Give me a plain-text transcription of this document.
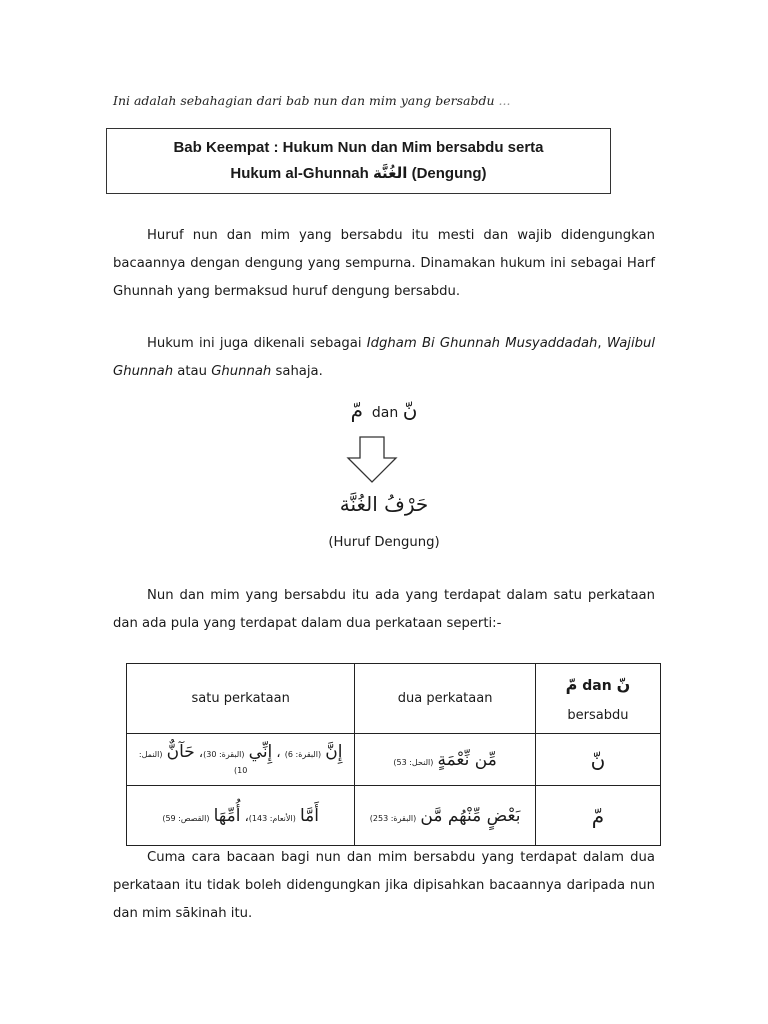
Ini adalah sebahagian dari bab nun dan mim yang bersabdu ...
Bab Keempat : Hukum Nun dan Mim bersabdu serta
Hukum al-Ghunnah الغُنَّة (Dengung)

Huruf nun dan mim yang bersabdu itu mesti dan wajib didengungkan bacaannya dengan dengung yang sempurna. Dinamakan hukum ini sebagai Harf Ghunnah yang bermaksud huruf dengung bersabdu.

Hukum ini juga dikenali sebagai Idgham Bi Ghunnah Musyaddadah, Wajibul Ghunnah atau Ghunnah sahaja.

مّ dan نّ
حَرْفُ الغُنَّة
(Huruf Dengung)

Nun dan mim yang bersabdu itu ada yang terdapat dalam satu perkataan dan ada pula yang terdapat dalam dua perkataan seperti:-

satu perkataan	dua perkataan	مّ dan نّ
bersabdu

إِنَّ (البقرة: 6) ، إِنِّي (البقرة: 30)، حَآنٌّ (النمل: 10)	مِّن نِّعْمَةٍ (النحل: 53)	نّ
أَمَّا (الأنعام: 143)، أُمِّهَا (القصص: 59)	بَعْضٍ مِّنْهُم مَّن (البقرة: 253)	مّ

Cuma cara bacaan bagi nun dan mim bersabdu yang terdapat dalam dua perkataan itu tidak boleh didengungkan jika dipisahkan bacaannya daripada nun dan mim sākinah itu.
